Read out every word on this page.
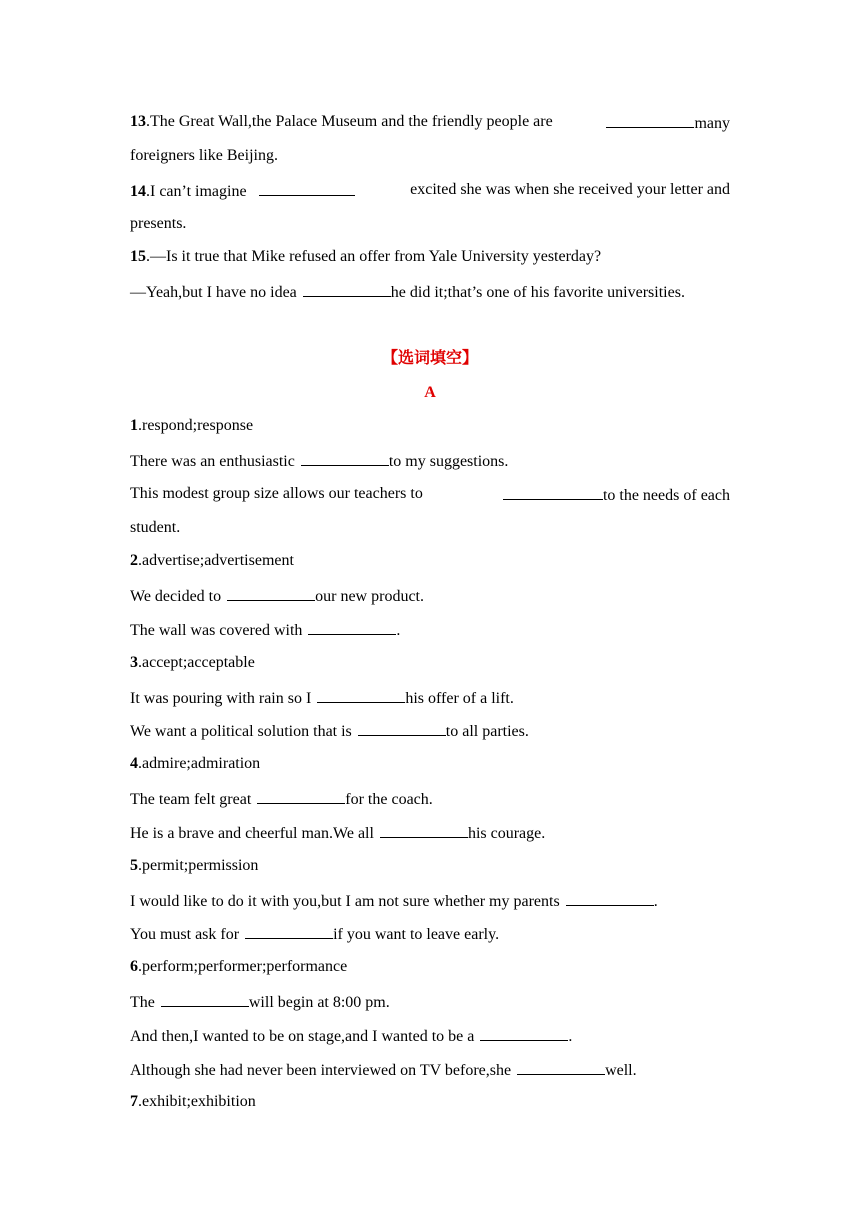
13.The Great Wall,the Palace Museum and the friendly people are	many
foreigners like Beijing.
14.I can’t imagine	excited she was when she received your letter and
presents.
15.—Is it true that Mike refused an offer from Yale University yesterday?
—Yeah,but I have no idea	he did it;that’s one of his favorite universities.
【选词填空】
A
1.respond;response
There was an enthusiastic	to my suggestions.
This modest group size allows our teachers to	to the needs of each
student.
2.advertise;advertisement
We decided to	our new product.
The wall was covered with	.
3.accept;acceptable
It was pouring with rain so I	his offer of a lift.
We want a political solution that is	to all parties.
4.admire;admiration
The team felt great	for the coach.
He is a brave and cheerful man.We all	his courage.
5.permit;permission
I would like to do it with you,but I am not sure whether my parents	.
You must ask for	if you want to leave early.
6.perform;performer;performance
The	will begin at 8:00 pm.
And then,I wanted to be on stage,and I wanted to be a	.
Although she had never been interviewed on TV before,she	well.
7.exhibit;exhibition
